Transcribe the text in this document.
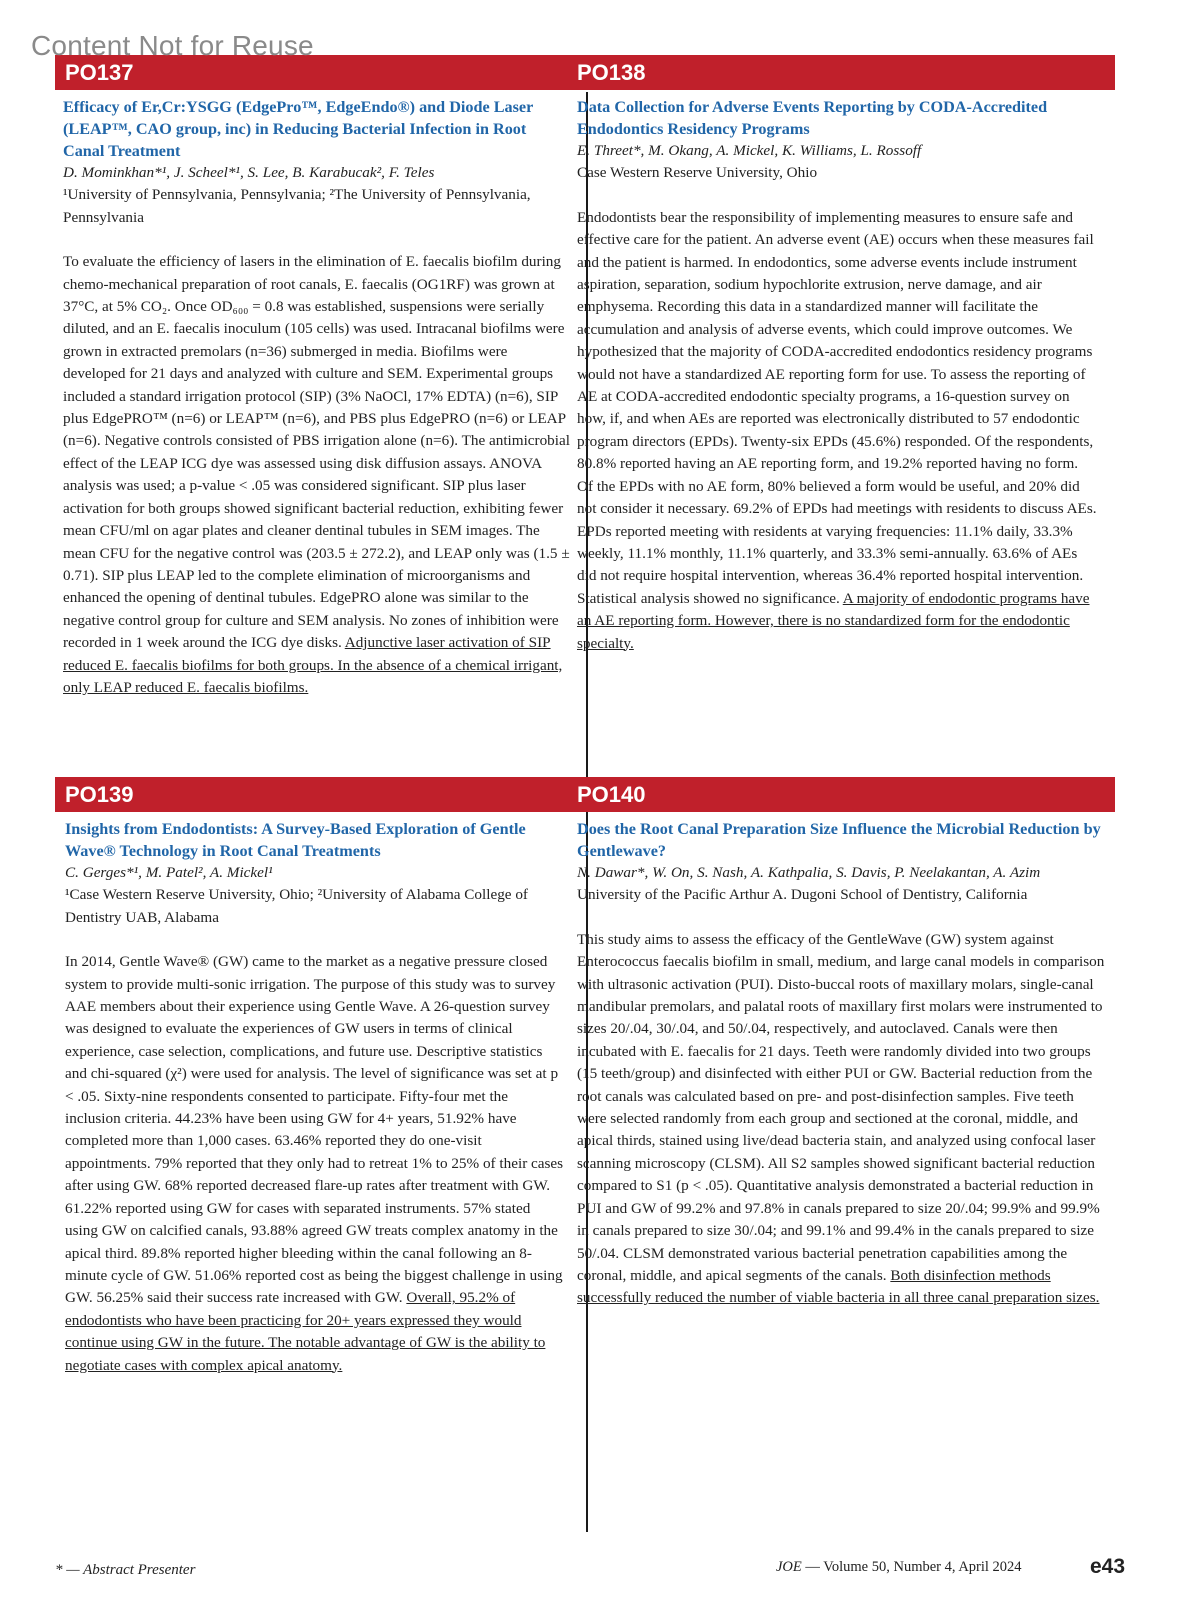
Content Not for Reuse
PO137

Efficacy of Er,Cr:YSGG (EdgePro™, EdgeEndo®) and Diode Laser (LEAP™, CAO group, inc) in Reducing Bacterial Infection in Root Canal Treatment

D. Mominkhan*¹, J. Scheel*¹, S. Lee, B. Karabucak², F. Teles

¹University of Pennsylvania, Pennsylvania; ²The University of Pennsylvania, Pennsylvania

To evaluate the efficiency of lasers in the elimination of E. faecalis biofilm during chemo-mechanical preparation of root canals, E. faecalis (OG1RF) was grown at 37°C, at 5% CO₂. Once OD₆₀₀ = 0.8 was established, suspensions were serially diluted, and an E. faecalis inoculum (105 cells) was used. Intracanal biofilms were grown in extracted premolars (n=36) submerged in media. Biofilms were developed for 21 days and analyzed with culture and SEM. Experimental groups included a standard irrigation protocol (SIP) (3% NaOCl, 17% EDTA) (n=6), SIP plus EdgePRO™ (n=6) or LEAP™ (n=6), and PBS plus EdgePRO (n=6) or LEAP (n=6). Negative controls consisted of PBS irrigation alone (n=6). The antimicrobial effect of the LEAP ICG dye was assessed using disk diffusion assays. ANOVA analysis was used; a p-value < .05 was considered significant. SIP plus laser activation for both groups showed significant bacterial reduction, exhibiting fewer mean CFU/ml on agar plates and cleaner dentinal tubules in SEM images. The mean CFU for the negative control was (203.5 ± 272.2), and LEAP only was (1.5 ± 0.71). SIP plus LEAP led to the complete elimination of microorganisms and enhanced the opening of dentinal tubules. EdgePRO alone was similar to the negative control group for culture and SEM analysis. No zones of inhibition were recorded in 1 week around the ICG dye disks. Adjunctive laser activation of SIP reduced E. faecalis biofilms for both groups. In the absence of a chemical irrigant, only LEAP reduced E. faecalis biofilms.

PO138

Data Collection for Adverse Events Reporting by CODA-Accredited Endodontics Residency Programs

E. Threet*, M. Okang, A. Mickel, K. Williams, L. Rossoff

Case Western Reserve University, Ohio

Endodontists bear the responsibility of implementing measures to ensure safe and effective care for the patient. An adverse event (AE) occurs when these measures fail and the patient is harmed. In endodontics, some adverse events include instrument aspiration, separation, sodium hypochlorite extrusion, nerve damage, and air emphysema. Recording this data in a standardized manner will facilitate the accumulation and analysis of adverse events, which could improve outcomes. We hypothesized that the majority of CODA-accredited endodontics residency programs would not have a standardized AE reporting form for use. To assess the reporting of AE at CODA-accredited endodontic specialty programs, a 16-question survey on how, if, and when AEs are reported was electronically distributed to 57 endodontic program directors (EPDs). Twenty-six EPDs (45.6%) responded. Of the respondents, 80.8% reported having an AE reporting form, and 19.2% reported having no form. Of the EPDs with no AE form, 80% believed a form would be useful, and 20% did not consider it necessary. 69.2% of EPDs had meetings with residents to discuss AEs. EPDs reported meeting with residents at varying frequencies: 11.1% daily, 33.3% weekly, 11.1% monthly, 11.1% quarterly, and 33.3% semi-annually. 63.6% of AEs did not require hospital intervention, whereas 36.4% reported hospital intervention. Statistical analysis showed no significance. A majority of endodontic programs have an AE reporting form. However, there is no standardized form for the endodontic specialty.

PO139

Insights from Endodontists: A Survey-Based Exploration of Gentle Wave® Technology in Root Canal Treatments

C. Gerges*¹, M. Patel², A. Mickel¹

¹Case Western Reserve University, Ohio; ²University of Alabama College of Dentistry UAB, Alabama

In 2014, Gentle Wave® (GW) came to the market as a negative pressure closed system to provide multi-sonic irrigation. The purpose of this study was to survey AAE members about their experience using Gentle Wave. A 26-question survey was designed to evaluate the experiences of GW users in terms of clinical experience, case selection, complications, and future use. Descriptive statistics and chi-squared (χ²) were used for analysis. The level of significance was set at p < .05. Sixty-nine respondents consented to participate. Fifty-four met the inclusion criteria. 44.23% have been using GW for 4+ years, 51.92% have completed more than 1,000 cases. 63.46% reported they do one-visit appointments. 79% reported that they only had to retreat 1% to 25% of their cases after using GW. 68% reported decreased flare-up rates after treatment with GW. 61.22% reported using GW for cases with separated instruments. 57% stated using GW on calcified canals, 93.88% agreed GW treats complex anatomy in the apical third. 89.8% reported higher bleeding within the canal following an 8-minute cycle of GW. 51.06% reported cost as being the biggest challenge in using GW. 56.25% said their success rate increased with GW. Overall, 95.2% of endodontists who have been practicing for 20+ years expressed they would continue using GW in the future. The notable advantage of GW is the ability to negotiate cases with complex apical anatomy.

PO140

Does the Root Canal Preparation Size Influence the Microbial Reduction by Gentlewave?

N. Dawar*, W. On, S. Nash, A. Kathpalia, S. Davis, P. Neelakantan, A. Azim

University of the Pacific Arthur A. Dugoni School of Dentistry, California

This study aims to assess the efficacy of the GentleWave (GW) system against Enterococcus faecalis biofilm in small, medium, and large canal models in comparison with ultrasonic activation (PUI). Disto-buccal roots of maxillary molars, single-canal mandibular premolars, and palatal roots of maxillary first molars were instrumented to sizes 20/.04, 30/.04, and 50/.04, respectively, and autoclaved. Canals were then incubated with E. faecalis for 21 days. Teeth were randomly divided into two groups (15 teeth/group) and disinfected with either PUI or GW. Bacterial reduction from the root canals was calculated based on pre- and post-disinfection samples. Five teeth were selected randomly from each group and sectioned at the coronal, middle, and apical thirds, stained using live/dead bacteria stain, and analyzed using confocal laser scanning microscopy (CLSM). All S2 samples showed significant bacterial reduction compared to S1 (p < .05). Quantitative analysis demonstrated a bacterial reduction in PUI and GW of 99.2% and 97.8% in canals prepared to size 20/.04; 99.9% and 99.9% in canals prepared to size 30/.04; and 99.1% and 99.4% in the canals prepared to size 50/.04. CLSM demonstrated various bacterial penetration capabilities among the coronal, middle, and apical segments of the canals. Both disinfection methods successfully reduced the number of viable bacteria in all three canal preparation sizes.

* — Abstract Presenter	JOE — Volume 50, Number 4, April 2024	e43
